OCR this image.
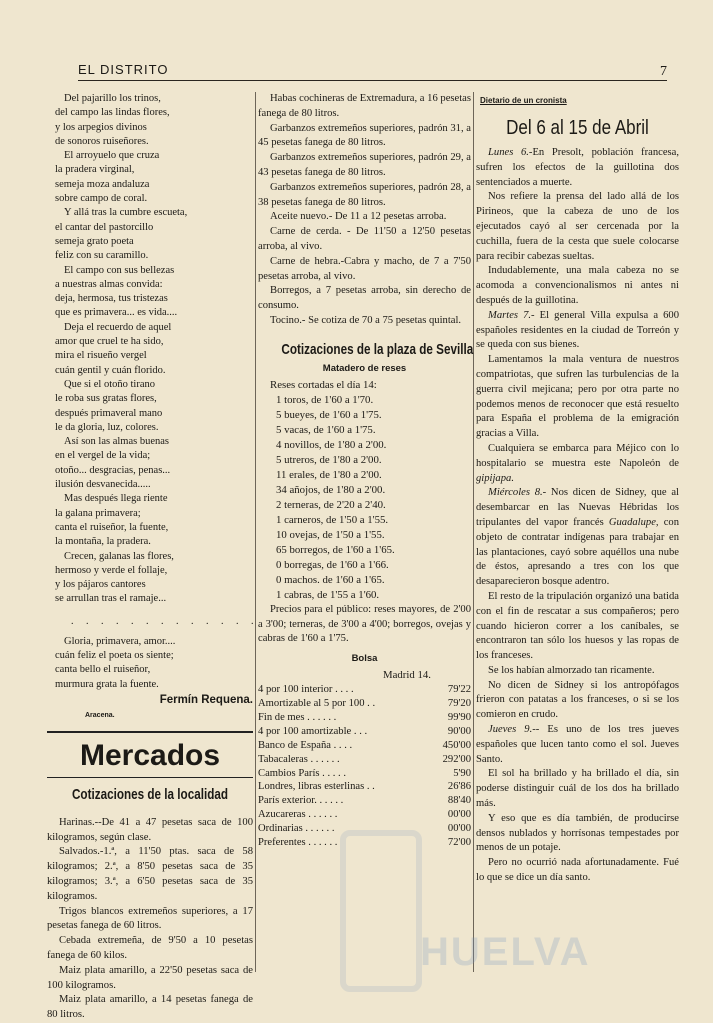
EL DISTRITO	7
Del pajarillo los trinos,
del campo las lindas flores,
y los arpegios divinos
de sonoros ruiseñores.
El arroyuelo que cruza
la pradera virginal,
semeja moza andaluza
sobre campo de coral.
Y allá tras la cumbre escueta,
el cantar del pastorcillo
semeja grato poeta
feliz con su caramillo.
El campo con sus bellezas
a nuestras almas convida:
deja, hermosa, tus tristezas
que es primavera... es vida....
Deja el recuerdo de aquel
amor que cruel te ha sido,
mira el risueño vergel
cuán gentil y cuán florido.
Que si el otoño tirano
le roba sus gratas flores,
después primaveral mano
le da gloria, luz, colores.
Así son las almas buenas
en el vergel de la vida;
otoño... desgracias, penas...
ilusión desvanecida.....
Mas después llega riente
la galana primavera;
canta el ruiseñor, la fuente,
la montaña, la pradera.
Crecen, galanas las flores,
hermoso y verde el follaje,
y los pájaros cantores
se arrullan tras el ramaje...
. . . . . . . . . . . . .
Gloria, primavera, amor....
cuán feliz el poeta os siente;
canta bello el ruiseñor,
murmura grata la fuente.
Fermín Requena.
Aracena.
Mercados
Cotizaciones de la localidad

Harinas.--De 41 a 47 pesetas saca de 100 kilogramos, según clase.

Salvados.-1.ª, a 11'50 ptas. saca de 58 kilogramos; 2.ª, a 8'50 pesetas saca de 35 kilogramos; 3.ª, a 6'50 pesetas saca de 35 kilogramos.

Trigos blancos extremeños superiores, a 17 pesetas fanega de 60 litros.

Cebada extremeña, de 9'50 a 10 pesetas fanega de 60 kilos.

Maiz plata amarillo, a 22'50 pesetas saca de 100 kilogramos.

Maiz plata amarillo, a 14 pesetas fanega de 80 litros.

Habas cochineras de Extremadura, a 16 pesetas fanega de 80 litros.

Garbanzos extremeños superiores, padrón 31, a 45 pesetas fanega de 80 litros.

Garbanzos extremeños superiores, padrón 29, a 43 pesetas fanega de 80 litros.

Garbanzos extremeños superiores, padrón 28, a 38 pesetas fanega de 80 litros.

Aceite nuevo.- De 11 a 12 pesetas arroba.

Carne de cerda. - De 11'50 a 12'50 pesetas arroba, al vivo.

Carne de hebra.-Cabra y macho, de 7 a 7'50 pesetas arroba, al vivo.

Borregos, a 7 pesetas arroba, sin derecho de consumo.

Tocino.- Se cotiza de 70 a 75 pesetas quintal.

Cotizaciones de la plaza de Sevilla
Matadero de reses
Reses cortadas el día 14:
1 toros, de 1'60 a 1'70.
5 bueyes, de 1'60 a 1'75.
5 vacas, de 1'60 a 1'75.
4 novillos, de 1'80 a 2'00.
5 utreros, de 1'80 a 2'00.
11 erales, de 1'80 a 2'00.
34 añojos, de 1'80 a 2'00.
2 terneras, de 2'20 a 2'40.
1 carneros, de 1'50 a 1'55.
10 ovejas, de 1'50 a 1'55.
65 borregos, de 1'60 a 1'65.
0 borregas, de 1'60 a 1'66.
0 machos. de 1'60 a 1'65.
1 cabras, de 1'55 a 1'60.

Precios para el público: reses mayores, de 2'00 a 3'00; terneras, de 3'00 a 4'00; borregos, ovejas y cabras de 1'60 a 1'75.

Bolsa
Madrid 14.
4 por 100 interior . . . .	79'22
Amortizable al 5 por 100 . .	79'20
Fin de mes . . . . . .	99'90
4 por 100 amortizable . . .	90'00
Banco de España . . . .	450'00
Tabacaleras . . . . . .	292'00
Cambios París . . . . .	5'90
Londres, libras esterlinas . .	26'86
París exterior. . . . . .	88'40
Azucareras . . . . . .	00'00
Ordinarias . . . . . .	00'00
Preferentes . . . . . .	72'00
Dietario de un cronista
Del 6 al 15 de Abril

Lunes 6.-En Presolt, población francesa, sufren los efectos de la guillotina dos sentenciados a muerte.

Nos refiere la prensa del lado allá de los Pirineos, que la cabeza de uno de los ejecutados cayó al ser cercenada por la cuchilla, fuera de la cesta que suele colocarse para recibir cabezas sueltas.

Indudablemente, una mala cabeza no se acomoda a convencionalismos ni antes ni después de la guillotina.

Martes 7.- El general Villa expulsa a 600 españoles residentes en la ciudad de Torreón y se queda con sus bienes.

Lamentamos la mala ventura de nuestros compatriotas, que sufren las turbulencias de la guerra civil mejicana; pero por otra parte no podemos menos de reconocer que está resuelto para España el problema de la emigración gracias a Villa.

Cualquiera se embarca para Méjico con lo hospitalario se muestra este Napoleón de gipijapa.

Miércoles 8.- Nos dicen de Sidney, que al desembarcar en las Nuevas Hébridas los tripulantes del vapor francés Guadalupe, con objeto de contratar indígenas para trabajar en las plantaciones, cayó sobre aquéllos una nube de éstos, apresando a tres con los que desaparecieron bosque adentro.

El resto de la tripulación organizó una batida con el fin de rescatar a sus compañeros; pero cuando hicieron correr a los caníbales, se encontraron tan sólo los huesos y las ropas de los franceses.

Se los habían almorzado tan ricamente.

No dicen de Sidney si los antropófagos frieron con patatas a los franceses, o si se los comieron en crudo.

Jueves 9.-- Es uno de los tres jueves españoles que lucen tanto como el sol. Jueves Santo.

El sol ha brillado y ha brillado el día, sin poderse distinguir cuál de los dos ha brillado más.

Y eso que es día también, de producirse densos nublados y horrísonas tempestades por menos de un potaje.

Pero no ocurrió nada afortunadamente. Fué lo que se dice un día santo.

HUELVA
